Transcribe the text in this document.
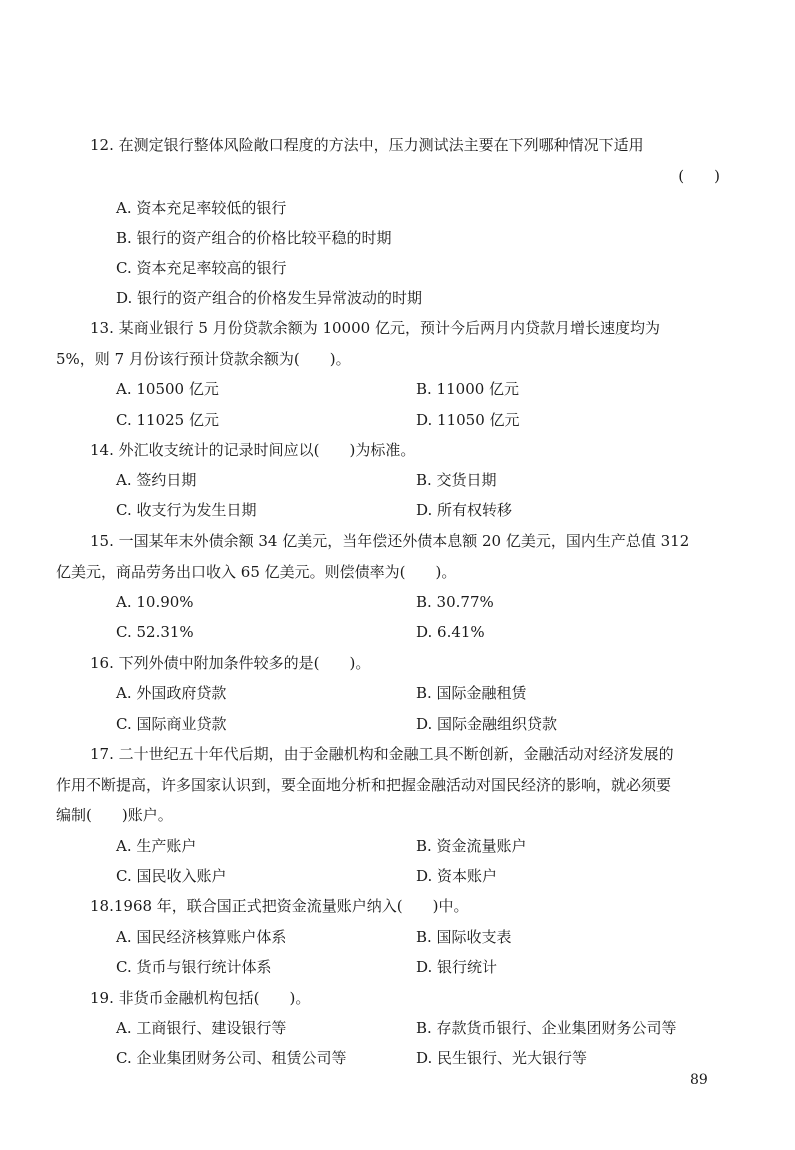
12. 在测定银行整体风险敞口程度的方法中，压力测试法主要在下列哪种情况下适用
(　　)
A. 资本充足率较低的银行
B. 银行的资产组合的价格比较平稳的时期
C. 资本充足率较高的银行
D. 银行的资产组合的价格发生异常波动的时期
13. 某商业银行 5 月份贷款余额为 10000 亿元，预计今后两月内贷款月增长速度均为
5%，则 7 月份该行预计贷款余额为(　　)。
A. 10500 亿元	B. 11000 亿元
C. 11025 亿元	D. 11050 亿元
14. 外汇收支统计的记录时间应以(　　)为标准。
A. 签约日期	B. 交货日期
C. 收支行为发生日期	D. 所有权转移
15. 一国某年末外债余额 34 亿美元，当年偿还外债本息额 20 亿美元，国内生产总值 312
亿美元，商品劳务出口收入 65 亿美元。则偿债率为(　　)。
A. 10.90%	B. 30.77%
C. 52.31%	D. 6.41%
16. 下列外债中附加条件较多的是(　　)。
A. 外国政府贷款	B. 国际金融租赁
C. 国际商业贷款	D. 国际金融组织贷款
17. 二十世纪五十年代后期，由于金融机构和金融工具不断创新，金融活动对经济发展的
作用不断提高，许多国家认识到，要全面地分析和把握金融活动对国民经济的影响，就必须要
编制(　　)账户。
A. 生产账户	B. 资金流量账户
C. 国民收入账户	D. 资本账户
18.1968 年，联合国正式把资金流量账户纳入(　　)中。
A. 国民经济核算账户体系	B. 国际收支表
C. 货币与银行统计体系	D. 银行统计
19. 非货币金融机构包括(　　)。
A. 工商银行、建设银行等	B. 存款货币银行、企业集团财务公司等
C. 企业集团财务公司、租赁公司等	D. 民生银行、光大银行等
89
